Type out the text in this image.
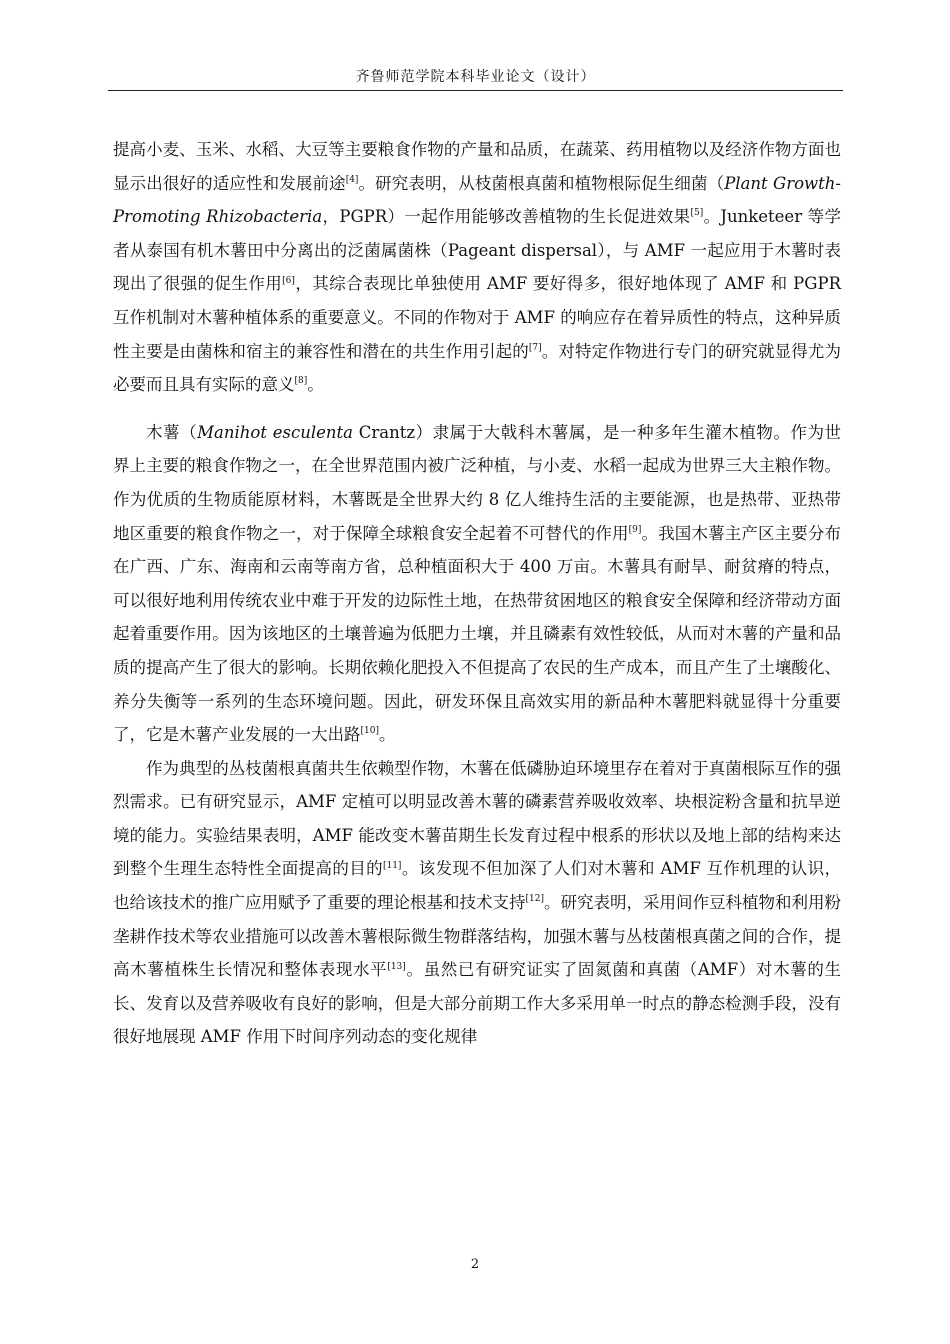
齐鲁师范学院本科毕业论文（设计）

提高小麦、玉米、水稻、大豆等主要粮食作物的产量和品质，在蔬菜、药用植物以及经济作物方面也显示出很好的适应性和发展前途[4]。研究表明，从枝菌根真菌和植物根际促生细菌（Plant Growth-Promoting Rhizobacteria，PGPR）一起作用能够改善植物的生长促进效果[5]。Junketeer 等学者从泰国有机木薯田中分离出的泛菌属菌株（Pageant dispersal），与 AMF 一起应用于木薯时表现出了很强的促生作用[6]，其综合表现比单独使用 AMF 要好得多，很好地体现了 AMF 和 PGPR 互作机制对木薯种植体系的重要意义。不同的作物对于 AMF 的响应存在着异质性的特点，这种异质性主要是由菌株和宿主的兼容性和潜在的共生作用引起的[7]。对特定作物进行专门的研究就显得尤为必要而且具有实际的意义[8]。

木薯（Manihot esculenta Crantz）隶属于大戟科木薯属，是一种多年生灌木植物。作为世界上主要的粮食作物之一，在全世界范围内被广泛种植，与小麦、水稻一起成为世界三大主粮作物。作为优质的生物质能原材料，木薯既是全世界大约 8 亿人维持生活的主要能源，也是热带、亚热带地区重要的粮食作物之一，对于保障全球粮食安全起着不可替代的作用[9]。我国木薯主产区主要分布在广西、广东、海南和云南等南方省，总种植面积大于 400 万亩。木薯具有耐旱、耐贫瘠的特点，可以很好地利用传统农业中难于开发的边际性土地，在热带贫困地区的粮食安全保障和经济带动方面起着重要作用。因为该地区的土壤普遍为低肥力土壤，并且磷素有效性较低，从而对木薯的产量和品质的提高产生了很大的影响。长期依赖化肥投入不但提高了农民的生产成本，而且产生了土壤酸化、养分失衡等一系列的生态环境问题。因此，研发环保且高效实用的新品种木薯肥料就显得十分重要了，它是木薯产业发展的一大出路[10]。

作为典型的丛枝菌根真菌共生依赖型作物，木薯在低磷胁迫环境里存在着对于真菌根际互作的强烈需求。已有研究显示，AMF 定植可以明显改善木薯的磷素营养吸收效率、块根淀粉含量和抗旱逆境的能力。实验结果表明，AMF 能改变木薯苗期生长发育过程中根系的形状以及地上部的结构来达到整个生理生态特性全面提高的目的[11]。该发现不但加深了人们对木薯和 AMF 互作机理的认识，也给该技术的推广应用赋予了重要的理论根基和技术支持[12]。研究表明，采用间作豆科植物和利用粉垄耕作技术等农业措施可以改善木薯根际微生物群落结构，加强木薯与丛枝菌根真菌之间的合作，提高木薯植株生长情况和整体表现水平[13]。虽然已有研究证实了固氮菌和真菌（AMF）对木薯的生长、发育以及营养吸收有良好的影响，但是大部分前期工作大多采用单一时点的静态检测手段，没有很好地展现 AMF 作用下时间序列动态的变化规律

2
